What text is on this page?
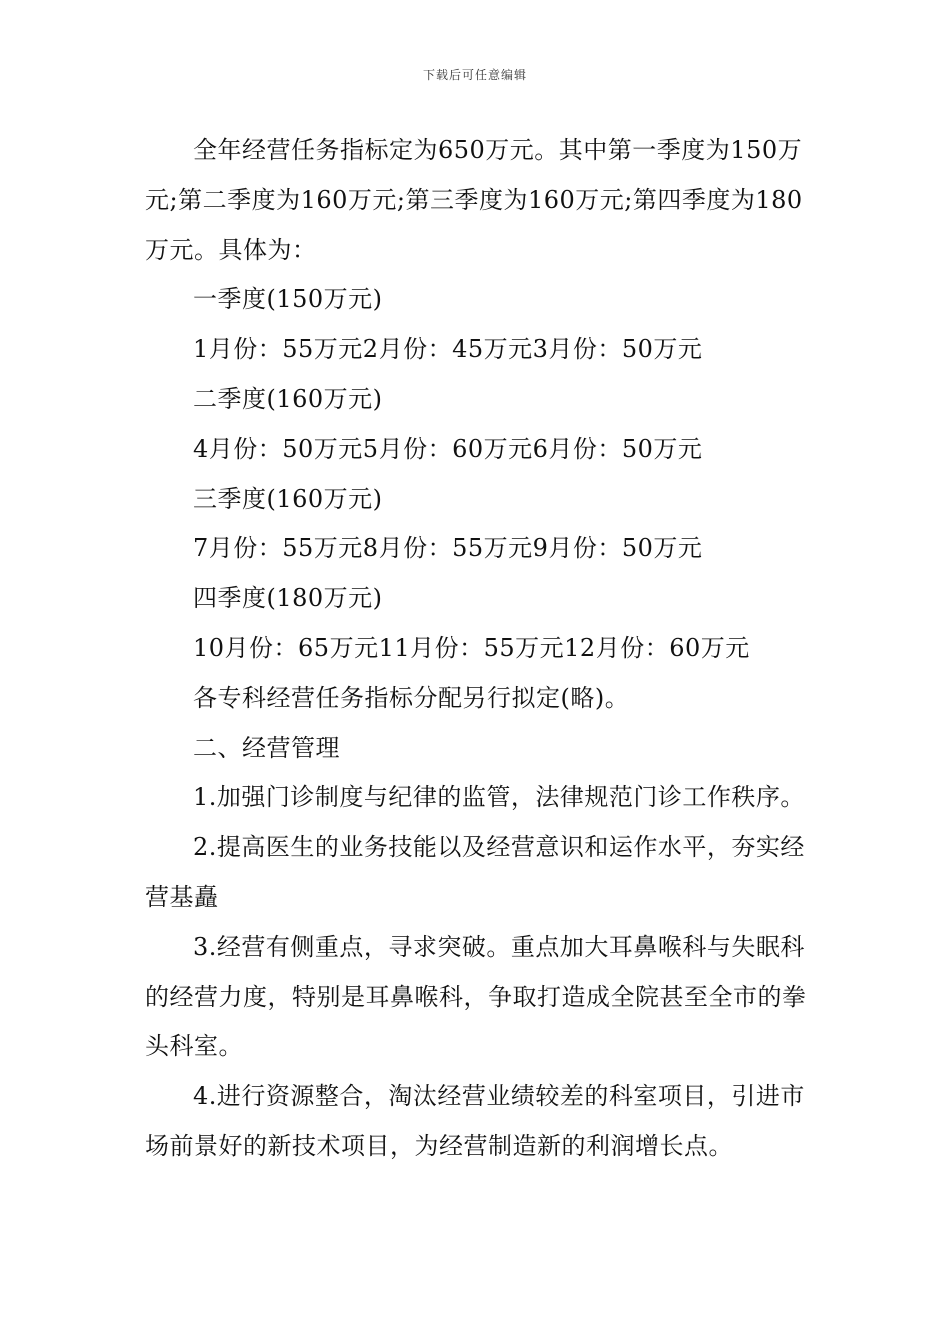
下载后可任意编辑

全年经营任务指标定为650万元。其中第一季度为150万元;第二季度为160万元;第三季度为160万元;第四季度为180万元。具体为：

一季度(150万元)

1月份：55万元2月份：45万元3月份：50万元

二季度(160万元)

4月份：50万元5月份：60万元6月份：50万元

三季度(160万元)

7月份：55万元8月份：55万元9月份：50万元

四季度(180万元)

10月份：65万元11月份：55万元12月份：60万元

各专科经营任务指标分配另行拟定(略)。

二、经营管理

1.加强门诊制度与纪律的监管，法律规范门诊工作秩序。

2.提高医生的业务技能以及经营意识和运作水平，夯实经营基矗

3.经营有侧重点，寻求突破。重点加大耳鼻喉科与失眠科的经营力度，特别是耳鼻喉科，争取打造成全院甚至全市的拳头科室。

4.进行资源整合，淘汰经营业绩较差的科室项目，引进市场前景好的新技术项目，为经营制造新的利润增长点。
